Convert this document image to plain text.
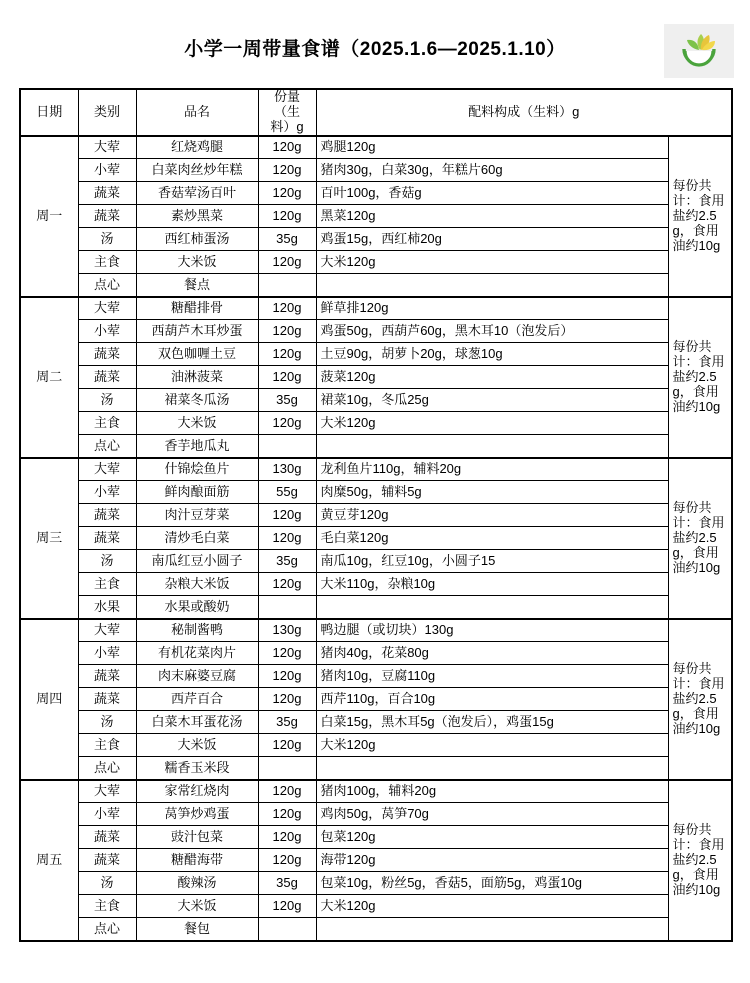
小学一周带量食谱（2025.1.6—2025.1.10）
日期	类别	品名	份量（生
料）g	配料构成（生料）g	
周一	大荤	红烧鸡腿	120g	鸡腿120g	每份共计：食用盐约2.5g，食用油约10g
	小荤	白菜肉丝炒年糕	120g	猪肉30g，白菜30g，年糕片60g	
	蔬菜	香菇荤汤百叶	120g	百叶100g，香菇g	
	蔬菜	素炒黑菜	120g	黑菜120g	
	汤	西红柿蛋汤	35g	鸡蛋15g，西红柿20g	
	主食	大米饭	120g	大米120g	
	点心	餐点			
周二	大荤	糖醋排骨	120g	鲜草排120g	每份共计：食用盐约2.5g，食用油约10g
	小荤	西葫芦木耳炒蛋	120g	鸡蛋50g，西葫芦60g，黑木耳10（泡发后）	
	蔬菜	双色咖喱土豆	120g	土豆90g，胡萝卜20g，球葱10g	
	蔬菜	油淋菠菜	120g	菠菜120g	
	汤	裙菜冬瓜汤	35g	裙菜10g，冬瓜25g	
	主食	大米饭	120g	大米120g	
	点心	香芋地瓜丸			
周三	大荤	什锦烩鱼片	130g	龙利鱼片110g，辅料20g	每份共计：食用盐约2.5g，食用油约10g
	小荤	鲜肉酿面筋	55g	肉糜50g，辅料5g	
	蔬菜	肉汁豆芽菜	120g	黄豆芽120g	
	蔬菜	清炒毛白菜	120g	毛白菜120g	
	汤	南瓜红豆小圆子	35g	南瓜10g，红豆10g，小圆子15	
	主食	杂粮大米饭	120g	大米110g，杂粮10g	
	水果	水果或酸奶			
周四	大荤	秘制酱鸭	130g	鸭边腿（或切块）130g	每份共计：食用盐约2.5g，食用油约10g
	小荤	有机花菜肉片	120g	猪肉40g，花菜80g	
	蔬菜	肉末麻婆豆腐	120g	猪肉10g，豆腐110g	
	蔬菜	西芹百合	120g	西芹110g，百合10g	
	汤	白菜木耳蛋花汤	35g	白菜15g，黑木耳5g（泡发后），鸡蛋15g	
	主食	大米饭	120g	大米120g	
	点心	糯香玉米段			
周五	大荤	家常红烧肉	120g	猪肉100g，辅料20g	每份共计：食用盐约2.5g，食用油约10g
	小荤	莴笋炒鸡蛋	120g	鸡肉50g，莴笋70g	
	蔬菜	豉汁包菜	120g	包菜120g	
	蔬菜	糖醋海带	120g	海带120g	
	汤	酸辣汤	35g	包菜10g，粉丝5g，香菇5，面筋5g，鸡蛋10g	
	主食	大米饭	120g	大米120g	
	点心	餐包			
